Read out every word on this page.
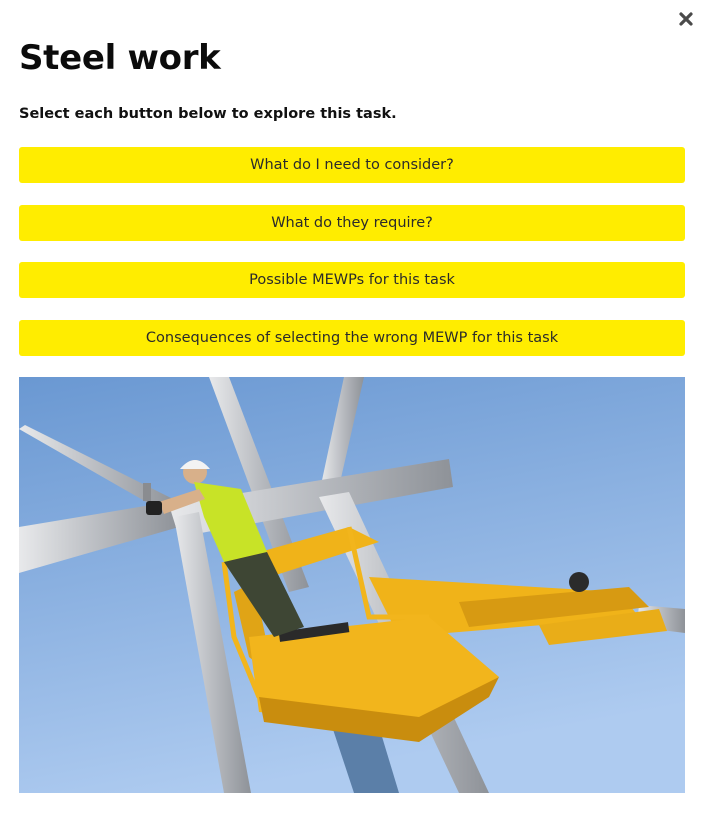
Steel work

Select each button below to explore this task.

What do I need to consider?
What do they require?
Possible MEWPs for this task
Consequences of selecting the wrong MEWP for this task
